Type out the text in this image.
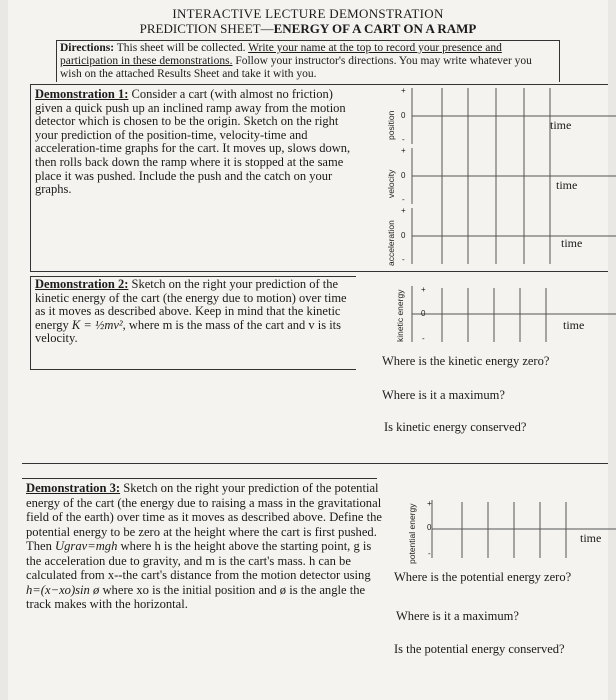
INTERACTIVE LECTURE DEMONSTRATION
PREDICTION SHEET—ENERGY OF A CART ON A RAMP
Directions: This sheet will be collected. Write your name at the top to record your presence and participation in these demonstrations. Follow your instructor's directions. You may write whatever you wish on the attached Results Sheet and take it with you.
Demonstration 1: Consider a cart (with almost no friction) given a quick push up an inclined ramp away from the motion detector which is chosen to be the origin. Sketch on the right your prediction of the position-time, velocity-time and acceleration-time graphs for the cart. It moves up, slows down, then rolls back down the ramp where it is stopped at the same place it was pushed. Include the push and the catch on your graphs.
position
velocity
acceleration
+
0
-
+
0
-
+
0
-
time
time
time
Demonstration 2: Sketch on the right your prediction of the kinetic energy of the cart (the energy due to motion) over time as it moves as described above. Keep in mind that the kinetic energy K = ½mv², where m is the mass of the cart and v is its velocity.	kinetic energy
+
0
-
time
Where is the kinetic energy zero?
Where is it a maximum?
Is kinetic energy conserved?
Demonstration 3: Sketch on the right your prediction of the potential energy of the cart (the energy due to raising a mass in the gravitational field of the earth) over time as it moves as described above. Define the potential energy to be zero at the height where the cart is first pushed. Then Ugrav=mgh where h is the height above the starting point, g is the acceleration due to gravity, and m is the cart's mass. h can be calculated from x--the cart's distance from the motion detector using h=(x−xo)sin ø where xo is the initial position and ø is the angle the track makes with the horizontal.
potential energy +
0
-
time
Where is the potential energy zero?
Where is it a maximum?
Is the potential energy conserved?
